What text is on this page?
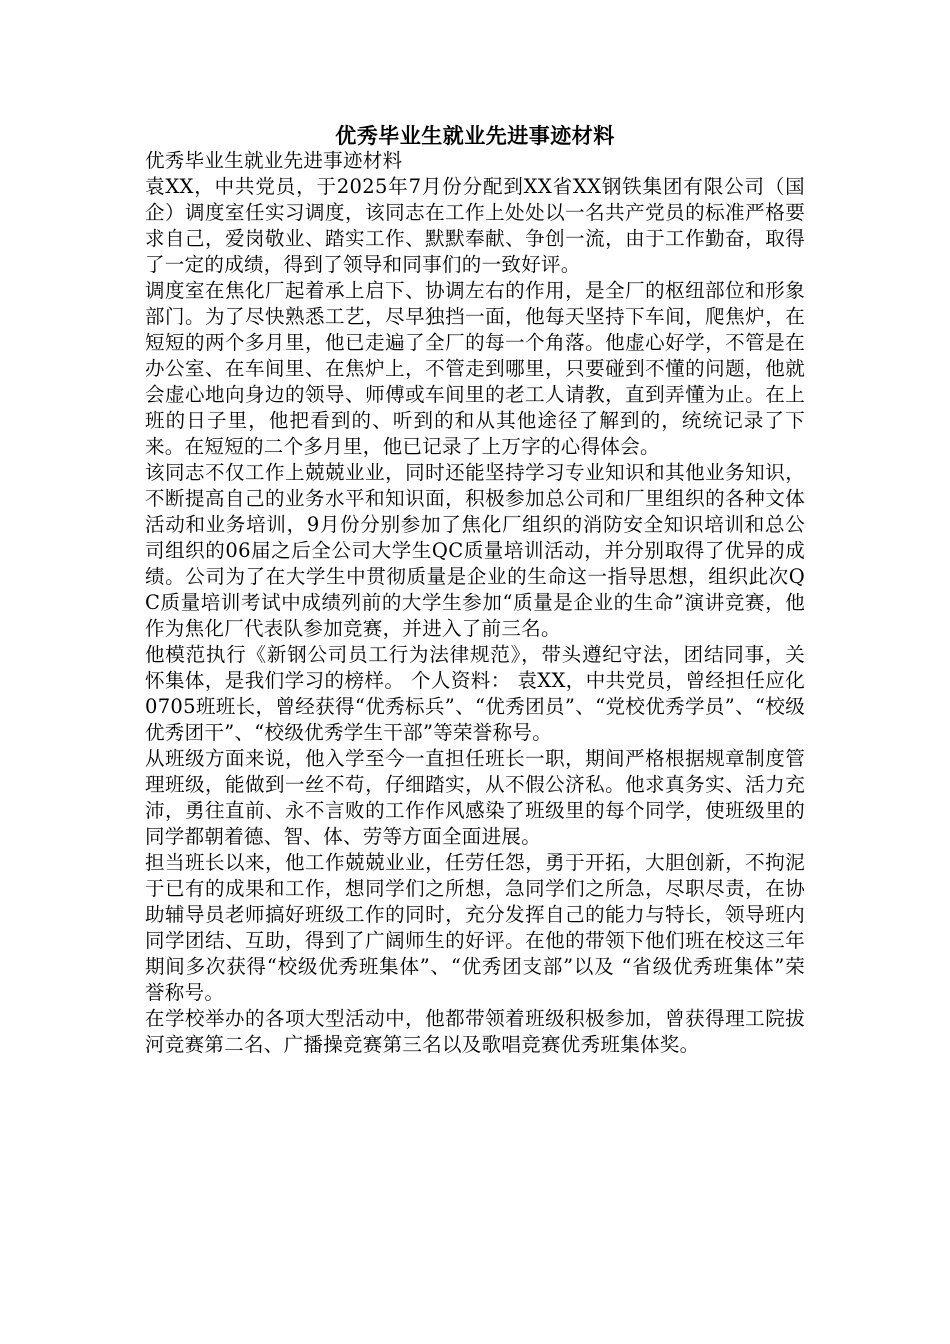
优秀毕业生就业先进事迹材料

优秀毕业生就业先进事迹材料

袁XX，中共党员，于2025年7月份分配到XX省XX钢铁集团有限公司（国企）调度室任实习调度，该同志在工作上处处以一名共产党员的标准严格要求自己，爱岗敬业、踏实工作、默默奉献、争创一流，由于工作勤奋，取得了一定的成绩，得到了领导和同事们的一致好评。

调度室在焦化厂起着承上启下、协调左右的作用，是全厂的枢纽部位和形象部门。为了尽快熟悉工艺，尽早独挡一面，他每天坚持下车间，爬焦炉，在短短的两个多月里，他已走遍了全厂的每一个角落。他虚心好学，不管是在办公室、在车间里、在焦炉上，不管走到哪里，只要碰到不懂的问题，他就会虚心地向身边的领导、师傅或车间里的老工人请教，直到弄懂为止。在上班的日子里，他把看到的、听到的和从其他途径了解到的，统统记录了下来。在短短的二个多月里，他已记录了上万字的心得体会。

该同志不仅工作上兢兢业业，同时还能坚持学习专业知识和其他业务知识，不断提高自己的业务水平和知识面，积极参加总公司和厂里组织的各种文体活动和业务培训，9月份分别参加了焦化厂组织的消防安全知识培训和总公司组织的06届之后全公司大学生QC质量培训活动，并分别取得了优异的成绩。公司为了在大学生中贯彻质量是企业的生命这一指导思想，组织此次QC质量培训考试中成绩列前的大学生参加“质量是企业的生命”演讲竞赛，他作为焦化厂代表队参加竞赛，并进入了前三名。

他模范执行《新钢公司员工行为法律规范》，带头遵纪守法，团结同事，关怀集体，是我们学习的榜样。 个人资料： 袁XX，中共党员，曾经担任应化0705班班长，曾经获得“优秀标兵”、“优秀团员”、“党校优秀学员”、“校级优秀团干”、“校级优秀学生干部”等荣誉称号。

从班级方面来说，他入学至今一直担任班长一职，期间严格根据规章制度管理班级，能做到一丝不苟，仔细踏实，从不假公济私。他求真务实、活力充沛，勇往直前、永不言败的工作作风感染了班级里的每个同学，使班级里的同学都朝着德、智、体、劳等方面全面进展。

担当班长以来，他工作兢兢业业，任劳任怨，勇于开拓，大胆创新，不拘泥于已有的成果和工作，想同学们之所想，急同学们之所急，尽职尽责，在协助辅导员老师搞好班级工作的同时，充分发挥自己的能力与特长，领导班内同学团结、互助，得到了广阔师生的好评。在他的带领下他们班在校这三年期间多次获得“校级优秀班集体”、“优秀团支部”以及 “省级优秀班集体”荣誉称号。

在学校举办的各项大型活动中，他都带领着班级积极参加，曾获得理工院拔河竞赛第二名、广播操竞赛第三名以及歌唱竞赛优秀班集体奖。
